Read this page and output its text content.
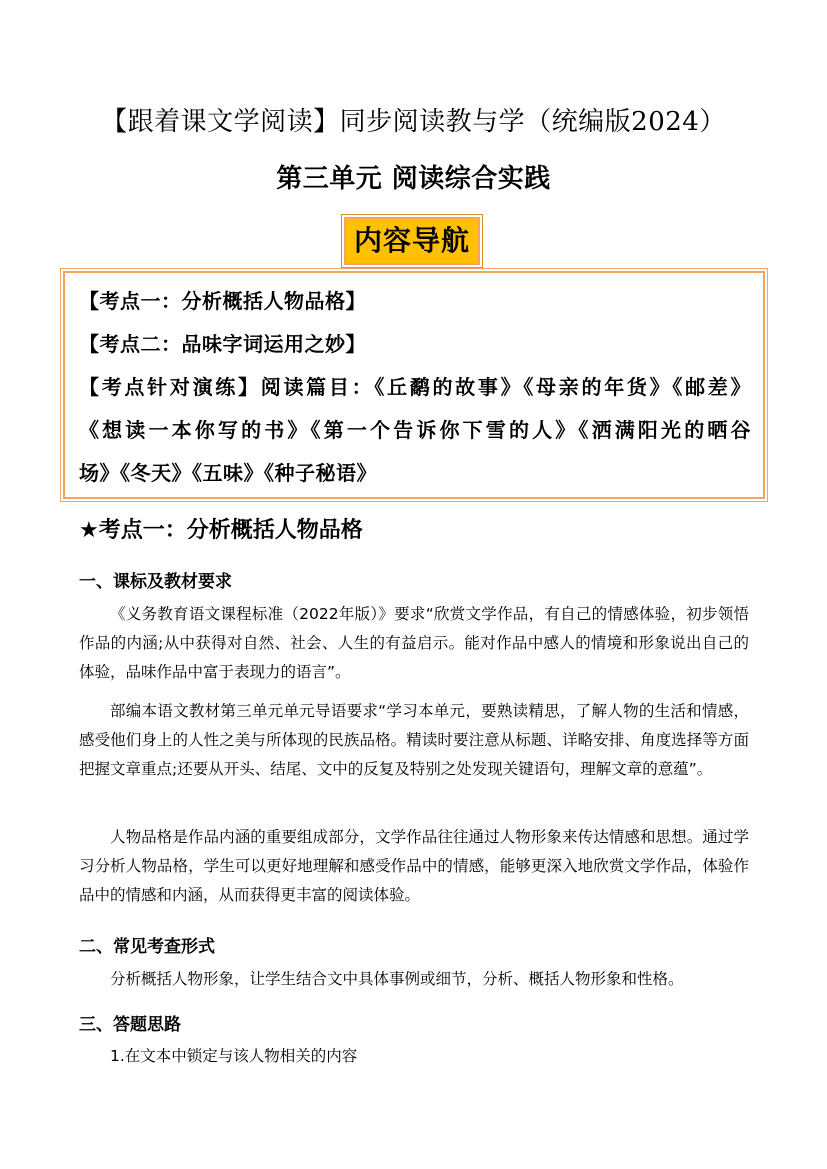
【跟着课文学阅读】同步阅读教与学（统编版2024）
第三单元 阅读综合实践
内容导航
【考点一：分析概括人物品格】
【考点二：品味字词运用之妙】
【考点针对演练】阅读篇目：《丘鹬的故事》《母亲的年货》《邮差》
《想读一本你写的书》《第一个告诉你下雪的人》《洒满阳光的晒谷
场》《冬天》《五味》《种子秘语》
★考点一：分析概括人物品格
一、课标及教材要求
《义务教育语文课程标准（2022年版）》要求“欣赏文学作品，有自己的情感体验，初步领悟作品的内涵;从中获得对自然、社会、人生的有益启示。能对作品中感人的情境和形象说出自己的体验，品味作品中富于表现力的语言”。
部编本语文教材第三单元单元导语要求“学习本单元，要熟读精思，了解人物的生活和情感，感受他们身上的人性之美与所体现的民族品格。精读时要注意从标题、详略安排、角度选择等方面把握文章重点;还要从开头、结尾、文中的反复及特别之处发现关键语句，理解文章的意蕴”。
人物品格是作品内涵的重要组成部分，文学作品往往通过人物形象来传达情感和思想。通过学习分析人物品格，学生可以更好地理解和感受作品中的情感，能够更深入地欣赏文学作品，体验作品中的情感和内涵，从而获得更丰富的阅读体验。
二、常见考查形式
分析概括人物形象，让学生结合文中具体事例或细节，分析、概括人物形象和性格。
三、答题思路
1.在文本中锁定与该人物相关的内容
